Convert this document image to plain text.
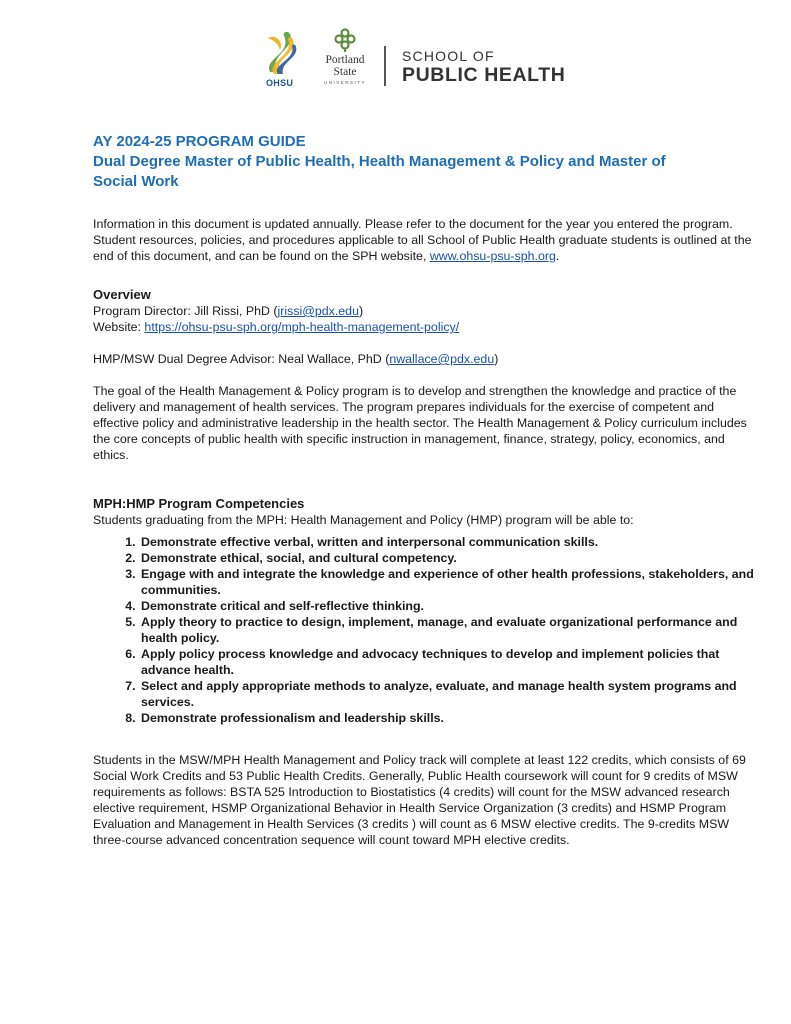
OHSU
Portland
State
UNIVERSITY
SCHOOL OF
PUBLIC HEALTH
AY 2024-25 PROGRAM GUIDE
Dual Degree Master of Public Health, Health Management & Policy and Master of
Social Work
Information in this document is updated annually. Please refer to the document for the year you entered the program. Student resources, policies, and procedures applicable to all School of Public Health graduate students is outlined at the end of this document, and can be found on the SPH website, www.ohsu-psu-sph.org.
Overview
Program Director: Jill Rissi, PhD (jrissi@pdx.edu)
Website: https://ohsu-psu-sph.org/mph-health-management-policy/
HMP/MSW Dual Degree Advisor: Neal Wallace, PhD (nwallace@pdx.edu)
The goal of the Health Management & Policy program is to develop and strengthen the knowledge and practice of the delivery and management of health services. The program prepares individuals for the exercise of competent and effective policy and administrative leadership in the health sector. The Health Management & Policy curriculum includes the core concepts of public health with specific instruction in management, finance, strategy, policy, economics, and ethics.
MPH:HMP Program Competencies
Students graduating from the MPH: Health Management and Policy (HMP) program will be able to:
1. Demonstrate effective verbal, written and interpersonal communication skills.
2. Demonstrate ethical, social, and cultural competency.
3. Engage with and integrate the knowledge and experience of other health professions, stakeholders, and communities.
4. Demonstrate critical and self-reflective thinking.
5. Apply theory to practice to design, implement, manage, and evaluate organizational performance and health policy.
6. Apply policy process knowledge and advocacy techniques to develop and implement policies that advance health.
7. Select and apply appropriate methods to analyze, evaluate, and manage health system programs and services.
8. Demonstrate professionalism and leadership skills.
Students in the MSW/MPH Health Management and Policy track will complete at least 122 credits, which consists of 69 Social Work Credits and 53 Public Health Credits. Generally, Public Health coursework will count for 9 credits of MSW requirements as follows: BSTA 525 Introduction to Biostatistics (4 credits) will count for the MSW advanced research elective requirement, HSMP Organizational Behavior in Health Service Organization (3 credits) and HSMP Program Evaluation and Management in Health Services (3 credits ) will count as 6 MSW elective credits. The 9-credits MSW three-course advanced concentration sequence will count toward MPH elective credits.
